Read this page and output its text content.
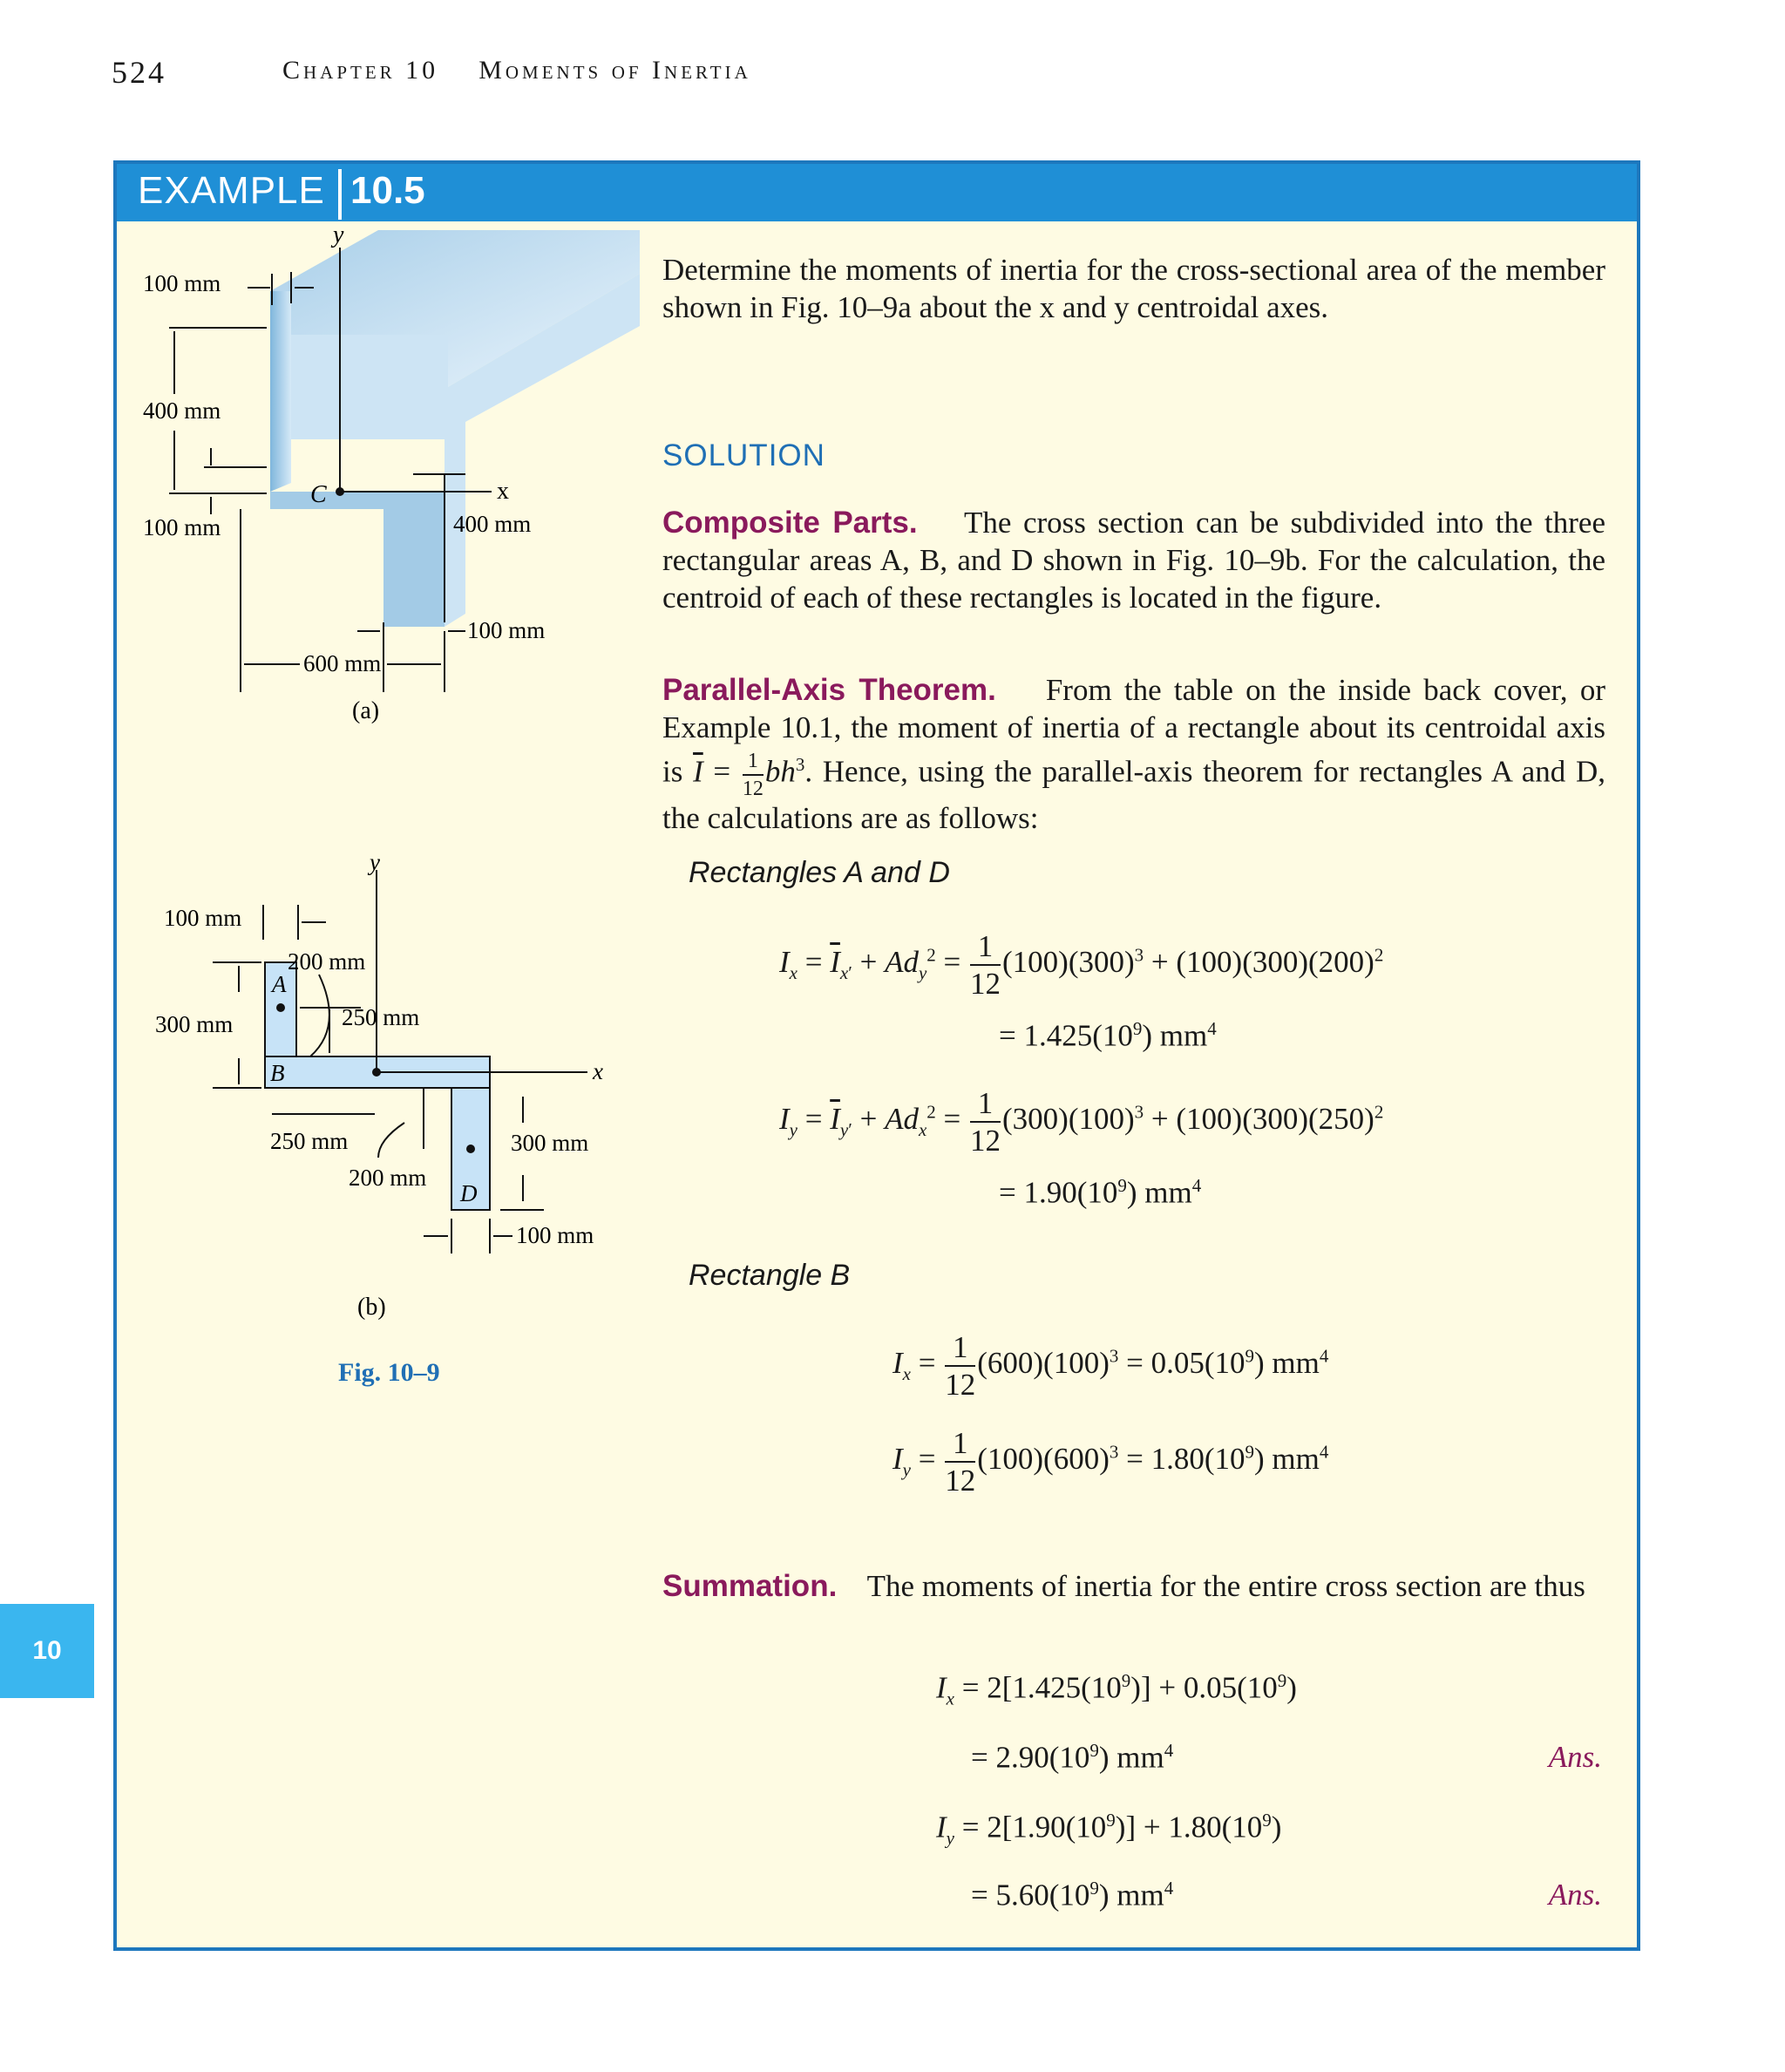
524	Chapter 10 Moments of Inertia
10
EXAMPLE 10.5
y
x
C
100 mm
400 mm
100 mm	400 mm
100 mm
600 mm
(a)
y
x
A
B
D
100 mm
200 mm
300 mm	250 mm
250 mm
200 mm
300 mm
100 mm
(b)
Fig. 10–9
Determine the moments of inertia for the cross-sectional area of the member shown in Fig. 10–9a about the x and y centroidal axes.
SOLUTION
Composite Parts. The cross section can be subdivided into the three rectangular areas A, B, and D shown in Fig. 10–9b. For the calculation, the centroid of each of these rectangles is located in the figure.
Parallel-Axis Theorem. From the table on the inside back cover, or Example 10.1, the moment of inertia of a rectangle about its centroidal axis is $\overline{I} = \frac{1}{12} bh^3$. Hence, using the parallel-axis theorem for rectangles A and D, the calculations are as follows:
Rectangles A and D
$I_x = \overline{I}_{x'} + Ad_y^2 = \frac{1}{12} (100)(300)^3 + (100)(300)(200)^2$
= $1.425(10^9)$ $mm^4$
$I_y = \overline{I}_{y'} + Ad_x^2 = \frac{1}{12} (300)(100)^3 + (100)(300)(250)^2$
= $1.90(10^9)$ $mm^4$
Rectangle B
$I_x = \frac{1}{12} (600)(100)^3 = 0.05(10^9)$ $mm^4$
$I_y = \frac{1}{12} (100)(600)^3 = 1.80(10^9)$ $mm^4$
Summation. The moments of inertia for the entire cross section are thus
$I_x = 2[1.425(10^9)] + 0.05(10^9)$
= $2.90(10^9)$ $mm^4$	Ans.
$I_y = 2[1.90(10^9)] + 1.80(10^9)$
= $5.60(10^9)$ $mm^4$	Ans.
